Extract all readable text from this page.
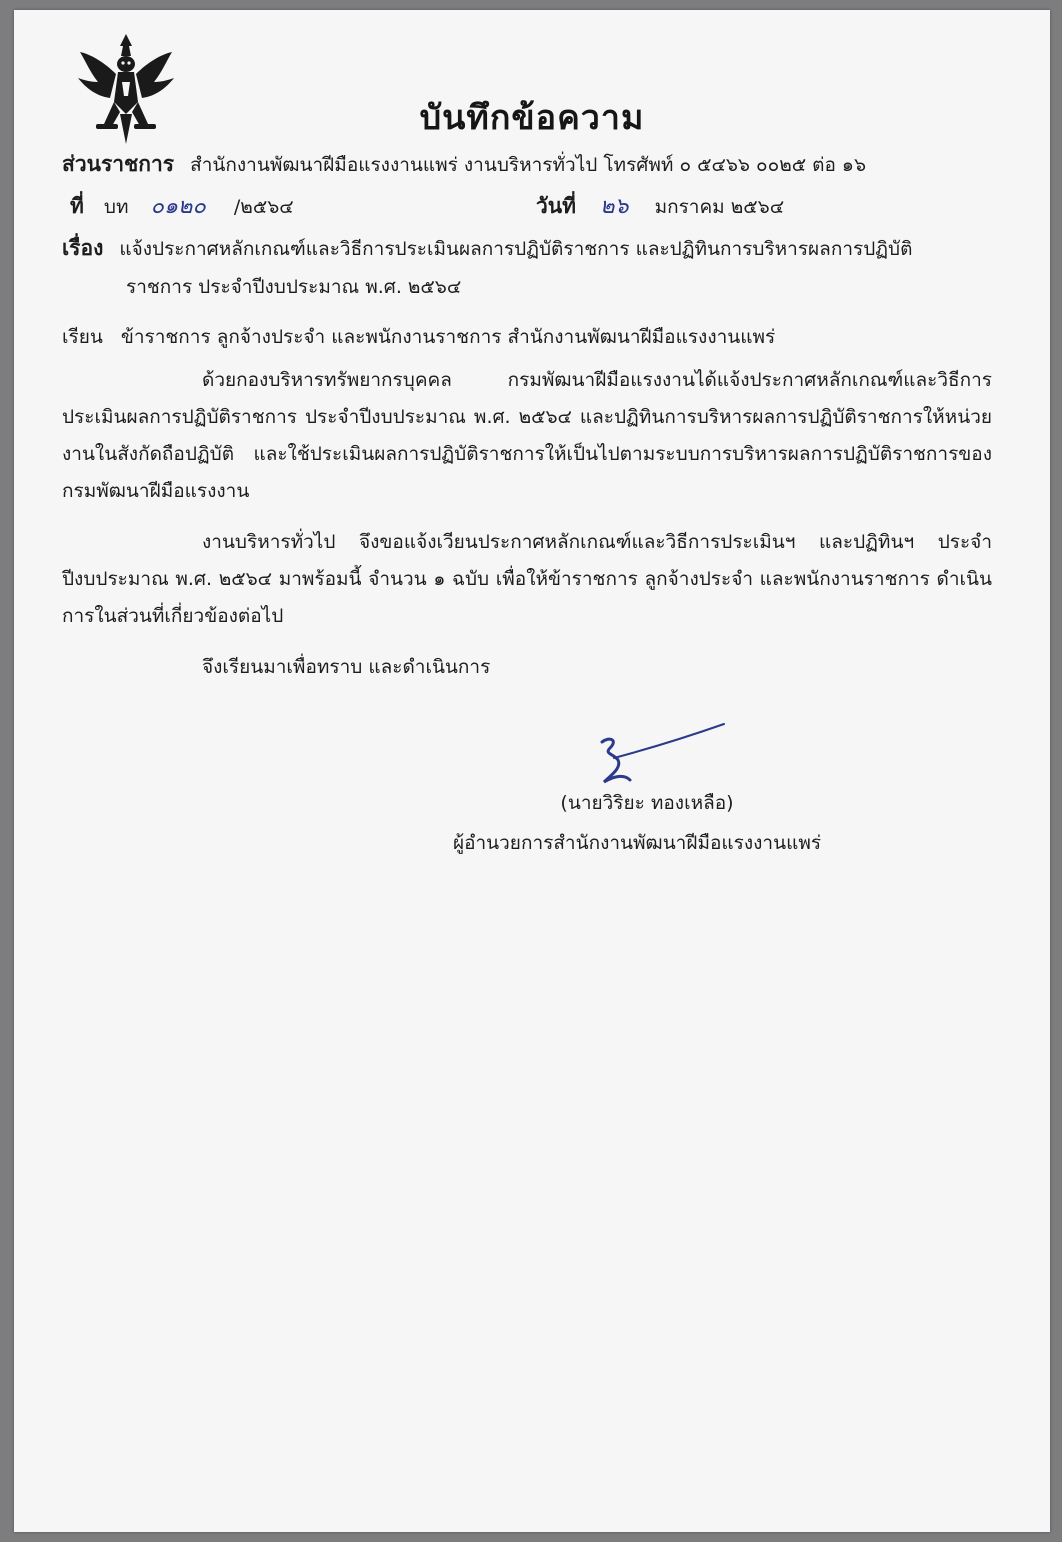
บันทึกข้อความ
ส่วนราชการ สำนักงานพัฒนาฝีมือแรงงานแพร่ งานบริหารทั่วไป โทรศัพท์ ๐ ๕๔๖๖ ๐๐๒๕ ต่อ ๑๖
ที่ บท ๐๑๒๐ /๒๕๖๔	วันที่ ๒๖ มกราคม ๒๕๖๔
เรื่อง แจ้งประกาศหลักเกณฑ์และวิธีการประเมินผลการปฏิบัติราชการ และปฏิทินการบริหารผลการปฏิบัติ
ราชการ ประจำปีงบประมาณ พ.ศ. ๒๕๖๔
เรียน ข้าราชการ ลูกจ้างประจำ และพนักงานราชการ สำนักงานพัฒนาฝีมือแรงงานแพร่
ด้วยกองบริหารทรัพยากรบุคคล กรมพัฒนาฝีมือแรงงานได้แจ้งประกาศหลักเกณฑ์และวิธีการประเมินผลการปฏิบัติราชการ ประจำปีงบประมาณ พ.ศ. ๒๕๖๔ และปฏิทินการบริหารผลการปฏิบัติราชการให้หน่วยงานในสังกัดถือปฏิบัติ และใช้ประเมินผลการปฏิบัติราชการให้เป็นไปตามระบบการบริหารผลการปฏิบัติราชการของกรมพัฒนาฝีมือแรงงาน
งานบริหารทั่วไป จึงขอแจ้งเวียนประกาศหลักเกณฑ์และวิธีการประเมินฯ และปฏิทินฯ ประจำปีงบประมาณ พ.ศ. ๒๕๖๔ มาพร้อมนี้ จำนวน ๑ ฉบับ เพื่อให้ข้าราชการ ลูกจ้างประจำ และพนักงานราชการ ดำเนินการในส่วนที่เกี่ยวข้องต่อไป
จึงเรียนมาเพื่อทราบ และดำเนินการ
(นายวิริยะ ทองเหลือ)
ผู้อำนวยการสำนักงานพัฒนาฝีมือแรงงานแพร่
